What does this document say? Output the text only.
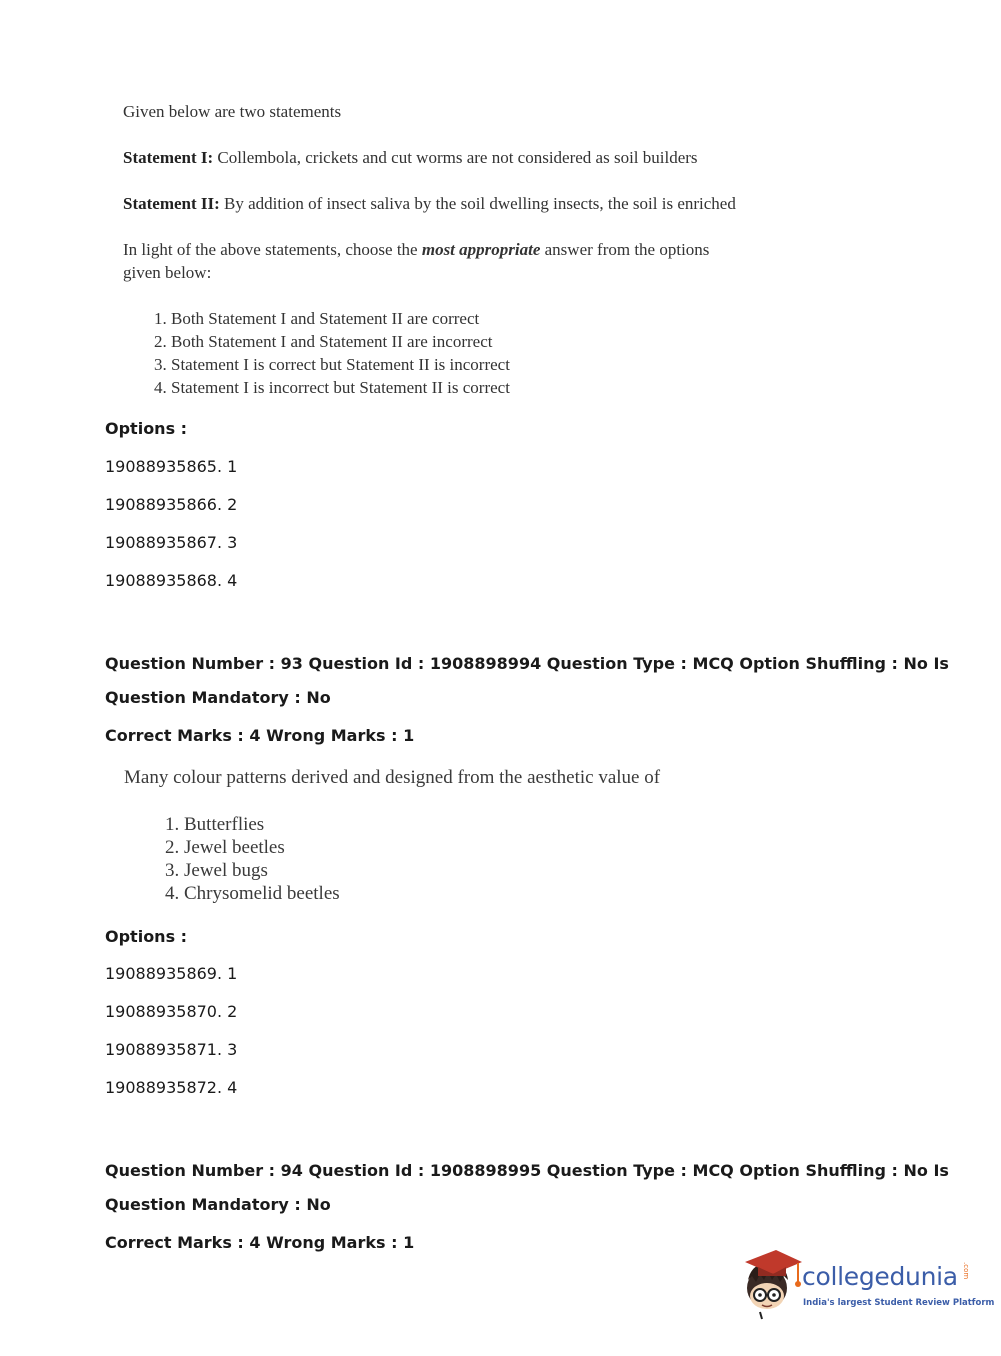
Given below are two statements

Statement I: Collembola, crickets and cut worms are not considered as soil builders

Statement II: By addition of insect saliva by the soil dwelling insects, the soil is enriched

In light of the above statements, choose the most appropriate answer from the options given below:

1. Both Statement I and Statement II are correct
2. Both Statement I and Statement II are incorrect
3. Statement I is correct but Statement II is incorrect
4. Statement I is incorrect but Statement II is correct
Options :
19088935865. 1
19088935866. 2
19088935867. 3
19088935868. 4
Question Number : 93 Question Id : 1908898994 Question Type : MCQ Option Shuffling : No Is
Question Mandatory : No
Correct Marks : 4 Wrong Marks : 1

Many colour patterns derived and designed from the aesthetic value of

1. Butterflies
2. Jewel beetles
3. Jewel bugs
4. Chrysomelid beetles
Options :
19088935869. 1
19088935870. 2
19088935871. 3
19088935872. 4
Question Number : 94 Question Id : 1908898995 Question Type : MCQ Option Shuffling : No Is
Question Mandatory : No
Correct Marks : 4 Wrong Marks : 1
collegedunia .com
India's largest Student Review Platform
